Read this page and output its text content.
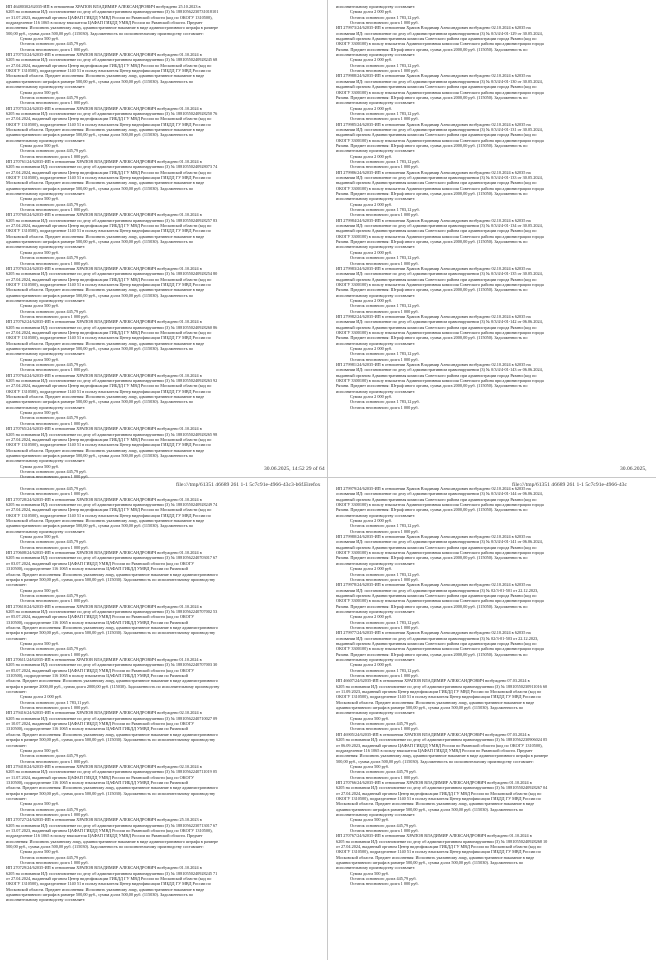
ИП 46480302/62035-ИП в отношении ХРАПОВ ВЛАДИМИР АЛЕКСАНДРОВИЧ возбуждено 25.10.2023 в
6205 на основании ИД: постановление по делу об административном правонарушении (3) № 18810562230731018101
от 31.07.2023, выданный органом ЦАФАП ГИБДД УМВД России по Рязанской области (код по ОКОГУ 1310500),
подразделение 116 1065 в пользу взыскателя ЦАФАП ГИБДД УМВД России по Рязанской области. Предмет
исполнения: Исполнить указанному лицу, административное наказание в виде административного штрафа в размере
500,00 руб., сумма долга 500,00 руб. (115030). Задолженность по исполнительному производству составляет:
Сумма долга 500 руб.
Остаток основного долга 445,79 руб.
Остаток неосновного долга 1 000 руб.
ИП 270753/24/62035-ИП в отношении ХРАПОВ ВЛАДИМИР АЛЕКСАНДРОВИЧ возбуждено 01.10.2024 в
6205 на основании ИД: постановление по делу об административном правонарушении (3) № 18810550240928245 68
от 27.04.2024, выданный органом Центр видеофиксации ГИБДД ГУ МВД России по Московской области (код по
ОКОГУ 1310500), подразделение 1140 51 в пользу взыскателя Центр видеофиксации ГИБДД ГУ МВД России по
Московской области. Предмет исполнения: Исполнить указанному лицу, административное наказание в виде
административного штрафа в размере 500,00 руб., сумма долга 500,00 руб. (115030). Задолженность по
исполнительному производству составляет:
Сумма долга 500 руб.
Остаток основного долга 445,79 руб.
Остаток неосновного долга 1 000 руб.
ИП 270753/24/62035-ИП в отношении ХРАПОВ ВЛАДИМИР АЛЕКСАНДРОВИЧ возбуждено 01.10.2024 в
6205 на основании ИД: постановление по делу об административном правонарушении (3) № 18810550240928250 76
от 27.04.2024, выданный органом Центр видеофиксации ГИБДД ГУ МВД России по Московской области (код по
ОКОГУ 1310500), подразделение 1140 51 в пользу взыскателя Центр видеофиксации ГИБДД ГУ МВД России по
Московской области. Предмет исполнения: Исполнить указанному лицу, административное наказание в виде
административного штрафа в размере 500,00 руб., сумма долга 500,00 руб. (115030). Задолженность по
исполнительному производству составляет:
Сумма долга 500 руб.
Остаток основного долга 445,79 руб.
Остаток неосновного долга 1 000 руб.
ИП 270761/24/62035-ИП в отношении ХРАПОВ ВЛАДИМИР АЛЕКСАНДРОВИЧ возбуждено 01.10.2024 в
6205 на основании ИД: постановление по делу об административном правонарушении (3) № 18810550240928073 74
от 27.04.2024, выданный органом Центр видеофиксации ГИБДД ГУ МВД России по Московской области (код по
ОКОГУ 1310500), подразделение 1140 51 в пользу взыскателя Центр видеофиксации ГИБДД ГУ МВД России по
Московской области. Предмет исполнения: Исполнить указанному лицу, административное наказание в виде
административного штрафа в размере 500,00 руб., сумма долга 500,00 руб. (115030). Задолженность по
исполнительному производству составляет:
Сумма долга 500 руб.
Остаток основного долга 445,79 руб.
Остаток неосновного долга 1 000 руб.
ИП 270760/24/62035-ИП в отношении ХРАПОВ ВЛАДИМИР АЛЕКСАНДРОВИЧ возбуждено 01.10.2024 в
6205 на основании ИД: постановление по делу об административном правонарушении (3) № 18810550240928257 83
от 27.04.2024, выданный органом Центр видеофиксации ГИБДД ГУ МВД России по Московской области (код по
ОКОГУ 1310500), подразделение 1140 51 в пользу взыскателя Центр видеофиксации ГИБДД ГУ МВД России по
Московской области. Предмет исполнения: Исполнить указанному лицу, административное наказание в виде
административного штрафа в размере 500,00 руб., сумма долга 500,00 руб. (115030). Задолженность по
исполнительному производству составляет:
Сумма долга 500 руб.
Остаток основного долга 445,79 руб.
Остаток неосновного долга 1 000 руб.
ИП 270763/24/62035-ИП в отношении ХРАПОВ ВЛАДИМИР АЛЕКСАНДРОВИЧ возбуждено 01.10.2024 в
6205 на основании ИД: постановление по делу об административном правонарушении (3) № 18810550240928254 80
от 27.04.2024, выданный органом Центр видеофиксации ГИБДД ГУ МВД России по Московской области (код по
ОКОГУ 1310500), подразделение 1140 51 в пользу взыскателя Центр видеофиксации ГИБДД ГУ МВД России по
Московской области. Предмет исполнения: Исполнить указанному лицу, административное наказание в виде
административного штрафа в размере 500,00 руб., сумма долга 500,00 руб. (115030). Задолженность по
исполнительному производству составляет:
Сумма долга 500 руб.
Остаток основного долга 445,79 руб.
Остаток неосновного долга 1 000 руб.
ИП 270762/24/62035-ИП в отношении ХРАПОВ ВЛАДИМИР АЛЕКСАНДРОВИЧ возбуждено 01.10.2024 в
6205 на основании ИД: постановление по делу об административном правонарушении (3) № 18810550240928260 86
от 27.04.2024, выданный органом Центр видеофиксации ГИБДД ГУ МВД России по Московской области (код по
ОКОГУ 1310500), подразделение 1140 51 в пользу взыскателя Центр видеофиксации ГИБДД ГУ МВД России по
Московской области. Предмет исполнения: Исполнить указанному лицу, административное наказание в виде
административного штрафа в размере 500,00 руб., сумма долга 500,00 руб. (115030). Задолженность по
исполнительному производству составляет:
Сумма долга 500 руб.
Остаток основного долга 445,79 руб.
Остаток неосновного долга 1 000 руб.
ИП 270764/24/62035-ИП в отношении ХРАПОВ ВЛАДИМИР АЛЕКСАНДРОВИЧ возбуждено 01.10.2024 в
6205 на основании ИД: постановление по делу об административном правонарушении (3) № 18810550240928263 92
от 27.04.2024, выданный органом Центр видеофиксации ГИБДД ГУ МВД России по Московской области (код по
ОКОГУ 1310500), подразделение 1140 51 в пользу взыскателя Центр видеофиксации ГИБДД ГУ МВД России по
Московской области. Предмет исполнения: Исполнить указанному лицу, административное наказание в виде
административного штрафа в размере 500,00 руб., сумма долга 500,00 руб. (115030). Задолженность по
исполнительному производству составляет:
Сумма долга 500 руб.
Остаток основного долга 445,79 руб.
Остаток неосновного долга 1 000 руб.
ИП 270765/24/62035-ИП в отношении ХРАПОВ ВЛАДИМИР АЛЕКСАНДРОВИЧ возбуждено 01.10.2024 в
6205 на основании ИД: постановление по делу об административном правонарушении (3) № 18810550240928265 98
от 27.04.2024, выданный органом Центр видеофиксации ГИБДД ГУ МВД России по Московской области (код по
ОКОГУ 1310500), подразделение 1140 51 в пользу взыскателя Центр видеофиксации ГИБДД ГУ МВД России по
Московской области. Предмет исполнения: Исполнить указанному лицу, административное наказание в виде
административного штрафа в размере 500,00 руб., сумма долга 500,00 руб. (115030). Задолженность по
исполнительному производству составляет:
Сумма долга 500 руб.
Остаток основного долга 445,79 руб.
Остаток неосновного долга 1 000 руб.
исполнительному производству составляет:
Сумма долга 2 000 руб.
Остаток основного долга 1 783,12 руб.
Остаток неосновного долга 1 000 руб.
ИП 279973/24/62035-ИП в отношении Храпов Владимир Александрович возбуждено 02.10.2024 в 62035 на
основании ИД: постановление по делу об административном правонарушении (3) № 0/3/4/4-01-129 от 30.05.2024,
выданный органом Административная комиссия Советского района при администрации города Рязани (код по
ОКОГУ 3300100) в пользу взыскателя Административная комиссия Советского района при администрации города
Рязани. Предмет исполнения: Штраф иного органа, сумма долга 2000,00 руб. (115050). Задолженность по
исполнительному производству составляет:
Сумма долга 2 000 руб.
Остаток основного долга 1 783,12 руб.
Остаток неосновного долга 1 000 руб.
ИП 279988/24/62035-ИП в отношении Храпов Владимир Александрович возбуждено 02.10.2024 в 62035 на
основании ИД: постановление по делу об административном правонарушении (3) № 0/3/4/4-01-130 от 30.05.2024,
выданный органом Административная комиссия Советского района при администрации города Рязани (код по
ОКОГУ 3300100) в пользу взыскателя Административная комиссия Советского района при администрации города
Рязани. Предмет исполнения: Штраф иного органа, сумма долга 2000,00 руб. (115050). Задолженность по
исполнительному производству составляет:
Сумма долга 2 000 руб.
Остаток основного долга 1 783,12 руб.
Остаток неосновного долга 1 000 руб.
ИП 279985/24/62035-ИП в отношении Храпов Владимир Александрович возбуждено 02.10.2024 в 62035 на
основании ИД: постановление по делу об административном правонарушении (3) № 0/3/4/4-01-131 от 30.05.2024,
выданный органом Административная комиссия Советского района при администрации города Рязани (код по
ОКОГУ 3300100) в пользу взыскателя Административная комиссия Советского района при администрации города
Рязани. Предмет исполнения: Штраф иного органа, сумма долга 2000,00 руб. (115050). Задолженность по
исполнительному производству составляет:
Сумма долга 2 000 руб.
Остаток основного долга 1 783,12 руб.
Остаток неосновного долга 1 000 руб.
ИП 279986/24/62035-ИП в отношении Храпов Владимир Александрович возбуждено 02.10.2024 в 62035 на
основании ИД: постановление по делу об административном правонарушении (3) № 0/3/4/4-01-133 от 30.05.2024,
выданный органом Административная комиссия Советского района при администрации города Рязани (код по
ОКОГУ 3300100) в пользу взыскателя Административная комиссия Советского района при администрации города
Рязани. Предмет исполнения: Штраф иного органа, сумма долга 2000,00 руб. (115050). Задолженность по
исполнительному производству составляет:
Сумма долга 2 000 руб.
Остаток основного долга 1 783,12 руб.
Остаток неосновного долга 1 000 руб.
ИП 279984/24/62035-ИП в отношении Храпов Владимир Александрович возбуждено 02.10.2024 в 62035 на
основании ИД: постановление по делу об административном правонарушении (3) № 0/3/4/4-01-134 от 30.05.2024,
выданный органом Административная комиссия Советского района при администрации города Рязани (код по
ОКОГУ 3300100) в пользу взыскателя Административная комиссия Советского района при администрации города
Рязани. Предмет исполнения: Штраф иного органа, сумма долга 2000,00 руб. (115050). Задолженность по
исполнительному производству составляет:
Сумма долга 2 000 руб.
Остаток основного долга 1 783,12 руб.
Остаток неосновного долга 1 000 руб.
ИП 279983/24/62035-ИП в отношении Храпов Владимир Александрович возбуждено 02.10.2024 в 62035 на
основании ИД: постановление по делу об административном правонарушении (3) № 0/3/4/4-01-135 от 30.05.2024,
выданный органом Административная комиссия Советского района при администрации города Рязани (код по
ОКОГУ 3300100) в пользу взыскателя Административная комиссия Советского района при администрации города
Рязани. Предмет исполнения: Штраф иного органа, сумма долга 2000,00 руб. (115050). Задолженность по
исполнительному производству составляет:
Сумма долга 2 000 руб.
Остаток основного долга 1 783,12 руб.
Остаток неосновного долга 1 000 руб.
ИП 279982/24/62035-ИП в отношении Храпов Владимир Александрович возбуждено 02.10.2024 в 62035 на
основании ИД: постановление по делу об административном правонарушении (3) № 0/3/4/4-01-142 от 06.06.2024,
выданный органом Административная комиссия Советского района при администрации города Рязани (код по
ОКОГУ 3300100) в пользу взыскателя Административная комиссия Советского района при администрации города
Рязани. Предмет исполнения: Штраф иного органа, сумма долга 2000,00 руб. (115050). Задолженность по
исполнительному производству составляет:
Сумма долга 2 000 руб.
Остаток основного долга 1 783,12 руб.
Остаток неосновного долга 1 000 руб.
ИП 279981/24/62035-ИП в отношении Храпов Владимир Александрович возбуждено 02.10.2024 в 62035 на
основании ИД: постановление по делу об административном правонарушении (3) № 0/3/4/4-01-143 от 06.06.2024,
выданный органом Административная комиссия Советского района при администрации города Рязани (код по
ОКОГУ 3300100) в пользу взыскателя Административная комиссия Советского района при администрации города
Рязани. Предмет исполнения: Штраф иного органа, сумма долга 2000,00 руб. (115050). Задолженность по
исполнительному производству составляет:
Сумма долга 2 000 руб.
Остаток основного долга 1 783,12 руб.
Остаток неосновного долга 1 000 руб.
Остаток основного долга 445,79 руб.
Остаток неосновного долга 1 000 руб.
ИП 270728/24/62035-ИП в отношении ХРАПОВ ВЛАДИМИР АЛЕКСАНДРОВИЧ возбуждено 01.10.2024 в
6205 на основании ИД: постановление по делу об административном правонарушении (3) № 18810550240928249 74
от 27.04.2024, выданный органом Центр видеофиксации ГИБДД ГУ МВД России по Московской области (код по
ОКОГУ 1310500), подразделение 1140 51 в пользу взыскателя Центр видеофиксации ГИБДД ГУ МВД России по
Московской области. Предмет исполнения: Исполнить указанному лицу, административное наказание в виде
административного штрафа в размере 500,00 руб., сумма долга 500,00 руб. (115030). Задолженность по
исполнительному производству составляет:
Сумма долга 500 руб.
Остаток основного долга 445,79 руб.
Остаток неосновного долга 1 000 руб.
ИП 270608/24/62035-ИП в отношении ХРАПОВ ВЛАДИМИР АЛЕКСАНДРОВИЧ возбуждено 01.10.2024 в
6205 на основании ИД: постановление по делу об административном правонарушении (3) № 18810562240703017 67
от 03.07.2024, выданный органом ЦАФАП ГИБДД УМВД России по Рязанской области (код по ОКОГУ
1310500), подразделение 116 1065 в пользу взыскателя ЦАФАП ГИБДД УМВД России по Рязанской
области. Предмет исполнения: Исполнить указанному лицу, административное наказание в виде административного
штрафа в размере 500,00 руб., сумма долга 500,00 руб. (115030). Задолженность по исполнительному производству
составляет:
Сумма долга 500 руб.
Остаток основного долга 445,79 руб.
Остаток неосновного долга 1 000 руб.
ИП 270610/24/62035-ИП в отношении ХРАПОВ ВЛАДИМИР АЛЕКСАНДРОВИЧ возбуждено 01.10.2024 в
6205 на основании ИД: постановление по делу об административном правонарушении (3) № 18810562240707002 53
от 05.07.2024, выданный органом ЦАФАП ГИБДД УМВД России по Рязанской области (код по ОКОГУ
1310500), подразделение 116 1065 в пользу взыскателя ЦАФАП ГИБДД УМВД России по Рязанской
области. Предмет исполнения: Исполнить указанному лицу, административное наказание в виде административного
штрафа в размере 500,00 руб., сумма долга 500,00 руб. (115030). Задолженность по исполнительному производству
составляет:
Сумма долга 500 руб.
Остаток основного долга 445,79 руб.
Остаток неосновного долга 1 000 руб.
ИП 270611/24/62035-ИП в отношении ХРАПОВ ВЛАДИМИР АЛЕКСАНДРОВИЧ возбуждено 01.10.2024 в
6205 на основании ИД: постановление по делу об административном правонарушении (3) № 18810562240707003 30
от 05.07.2024, выданный органом ЦАФАП ГИБДД УМВД России по Рязанской области (код по ОКОГУ
1310500), подразделение 116 1065 в пользу взыскателя ЦАФАП ГИБДД УМВД России по Рязанской
области. Предмет исполнения: Исполнить указанному лицу, административное наказание в виде административного
штрафа в размере 2000,00 руб., сумма долга 2000,00 руб. (115030). Задолженность по исполнительному производству
составляет:
Сумма долга 2 000 руб.
Остаток основного долга 1 783,11 руб.
Остаток неосновного долга 1 000 руб.
ИП 279416/24/62035-ИП в отношении ХРАПОВ ВЛАДИМИР АЛЕКСАНДРОВИЧ возбуждено 02.10.2024 в
6205 на основании ИД: постановление по делу об административном правонарушении (3) № 18810562240710027 09
от 10.07.2024, выданный органом ЦАФАП ГИБДД УМВД России по Рязанской области (код по ОКОГУ
1310500), подразделение 116 1065 в пользу взыскателя ЦАФАП ГИБДД УМВД России по Рязанской
области. Предмет исполнения: Исполнить указанному лицу, административное наказание в виде административного
штрафа в размере 500,00 руб., сумма долга 500,00 руб. (115030). Задолженность по исполнительному производству
составляет:
Сумма долга 500 руб.
Остаток основного долга 445,79 руб.
Остаток неосновного долга 1 000 руб.
ИП 279418/24/62035-ИП в отношении ХРАПОВ ВЛАДИМИР АЛЕКСАНДРОВИЧ возбуждено 02.10.2024 в
6205 на основании ИД: постановление по делу об административном правонарушении (3) № 18810562240711019 05
от 11.07.2024, выданный органом ЦАФАП ГИБДД УМВД России по Рязанской области (код по ОКОГУ
1310500), подразделение 116 1065 в пользу взыскателя ЦАФАП ГИБДД УМВД России по Рязанской
области. Предмет исполнения: Исполнить указанному лицу, административное наказание в виде административного
штрафа в размере 500,00 руб., сумма долга 500,00 руб. (115030). Задолженность по исполнительному производству
составляет:
Сумма долга 500 руб.
Остаток основного долга 445,79 руб.
Остаток неосновного долга 1 000 руб.
ИП 270727/24/62035-ИП в отношении ХРАПОВ ВЛАДИМИР АЛЕКСАНДРОВИЧ возбуждено 25.10.2023 в
6205 на основании ИД: постановление по делу об административном правонарушении (3) № 18810562230713017 67
от 13.07.2023, выданный органом ЦАФАП ГИБДД УМВД России по Рязанской области (код по ОКОГУ 1310500),
подразделение 116 1065 в пользу взыскателя ЦАФАП ГИБДД УМВД России по Рязанской области. Предмет
исполнения: Исполнить указанному лицу, административное наказание в виде административного штрафа в размере
500,00 руб., сумма долга 500,00 руб. (115030). Задолженность по исполнительному производству составляет:
Сумма долга 500 руб.
Остаток основного долга 445,79 руб.
Остаток неосновного долга 1 000 руб.
ИП 270729/24/62035-ИП в отношении ХРАПОВ ВЛАДИМИР АЛЕКСАНДРОВИЧ возбуждено 01.10.2024 в
6205 на основании ИД: постановление по делу об административном правонарушении (3) № 18810550240928245 71
от 27.04.2024, выданный органом Центр видеофиксации ГИБДД ГУ МВД России по Московской области (код по
ОКОГУ 1310500), подразделение 1140 51 в пользу взыскателя Центр видеофиксации ГИБДД ГУ МВД России по
Московской области. Предмет исполнения: Исполнить указанному лицу, административное наказание в виде
административного штрафа в размере 500,00 руб., сумма долга 500,00 руб. (115030). Задолженность по
исполнительному производству составляет:
ИП 279979/24/62035-ИП в отношении Храпов Владимир Александрович возбуждено 02.10.2024 в 62035 на
основании ИД: постановление по делу об административном правонарушении (3) № 0/3/4/4-01-144 от 06.06.2024,
выданный органом Административная комиссия Советского района при администрации города Рязани (код по
ОКОГУ 3300100) в пользу взыскателя Административная комиссия Советского района при администрации города
Рязани. Предмет исполнения: Штраф иного органа, сумма долга 2000,00 руб. (115050). Задолженность по
исполнительному производству составляет:
Сумма долга 2 000 руб.
Остаток основного долга 1 783,12 руб.
Остаток неосновного долга 1 000 руб.
ИП 279980/24/62035-ИП в отношении Храпов Владимир Александрович возбуждено 02.10.2024 в 62035 на
основании ИД: постановление по делу об административном правонарушении (3) № 0/3/4/4-01-141 от 06.06.2024,
выданный органом Административная комиссия Советского района при администрации города Рязани (код по
ОКОГУ 3300100) в пользу взыскателя Административная комиссия Советского района при администрации города
Рязани. Предмет исполнения: Штраф иного органа, сумма долга 2000,00 руб. (115050). Задолженность по
исполнительному производству составляет:
Сумма долга 2 000 руб.
Остаток основного долга 1 783,12 руб.
Остаток неосновного долга 1 000 руб.
ИП 279978/24/62035-ИП в отношении Храпов Владимир Александрович возбуждено 02.10.2024 в 62035 на
основании ИД: постановление по делу об административном правонарушении (3) № 02/3-01-501 от 22.12.2023,
выданный органом Административная комиссия Советского района при администрации города Рязани (код по
ОКОГУ 3300100) в пользу взыскателя Административная комиссия Советского района при администрации города
Рязани. Предмет исполнения: Штраф иного органа, сумма долга 2000,00 руб. (115050). Задолженность по
исполнительному производству составляет:
Сумма долга 2 000 руб.
Остаток основного долга 1 783,12 руб.
Остаток неосновного долга 1 000 руб.
ИП 279977/24/62035-ИП в отношении Храпов Владимир Александрович возбуждено 02.10.2024 в 62035 на
основании ИД: постановление по делу об административном правонарушении (3) № 02/3-01-503 от 22.12.2023,
выданный органом Административная комиссия Советского района при администрации города Рязани (код по
ОКОГУ 3300100) в пользу взыскателя Административная комиссия Советского района при администрации города
Рязани. Предмет исполнения: Штраф иного органа, сумма долга 2000,00 руб. (115050). Задолженность по
исполнительному производству составляет:
Сумма долга 2 000 руб.
Остаток основного долга 1 783,12 руб.
Остаток неосновного долга 1 000 руб.
ИП 46607/24/62035-ИП в отношении ХРАПОВ ВЛАДИМИР АЛЕКСАНДРОВИЧ возбуждено 07.03.2024 в
6205 на основании ИД: постановление по делу об административном правонарушении (3) № 18810550230911016 60
от 11.09.2023, выданный органом Центр видеофиксации ГИБДД ГУ МВД России по Московской области (код по
ОКОГУ 1310500), подразделение 1140 51 в пользу взыскателя Центр видеофиксации ГИБДД ГУ МВД России по
Московской области. Предмет исполнения: Исполнить указанному лицу, административное наказание в виде
административного штрафа в размере 500,00 руб., сумма долга 500,00 руб. (115030). Задолженность по
исполнительному производству составляет:
Сумма долга 500 руб.
Остаток основного долга 445,79 руб.
Остаток неосновного долга 1 000 руб.
ИП 46905/24/62035-ИП в отношении ХРАПОВ ВЛАДИМИР АЛЕКСАНДРОВИЧ возбуждено 07.03.2024 в
6205 на основании ИД: постановление по делу об административном правонарушении (3) № 18810562230906024 05
от 06.09.2023, выданный органом ЦАФАП ГИБДД УМВД России по Рязанской области (код по ОКОГУ 1310500),
подразделение 116 1065 в пользу взыскателя ЦАФАП ГИБДД УМВД России по Рязанской области. Предмет
исполнения: Исполнить указанному лицу, административное наказание в виде административного штрафа в размере
500,00 руб., сумма долга 500,00 руб. (115030). Задолженность по исполнительному производству составляет:
Сумма долга 500 руб.
Остаток основного долга 445,79 руб.
Остаток неосновного долга 1 000 руб.
ИП 270766/24/62035-ИП в отношении ХРАПОВ ВЛАДИМИР АЛЕКСАНДРОВИЧ возбуждено 01.10.2024 в
6205 на основании ИД: постановление по делу об административном правонарушении (3) № 18810550240928267 04
от 27.04.2024, выданный органом Центр видеофиксации ГИБДД ГУ МВД России по Московской области (код по
ОКОГУ 1310500), подразделение 1140 51 в пользу взыскателя Центр видеофиксации ГИБДД ГУ МВД России по
Московской области. Предмет исполнения: Исполнить указанному лицу, административное наказание в виде
административного штрафа в размере 500,00 руб., сумма долга 500,00 руб. (115030). Задолженность по
исполнительному производству составляет:
Сумма долга 500 руб.
Остаток основного долга 445,79 руб.
Остаток неосновного долга 1 000 руб.
ИП 270767/24/62035-ИП в отношении ХРАПОВ ВЛАДИМИР АЛЕКСАНДРОВИЧ возбуждено 01.10.2024 в
6205 на основании ИД: постановление по делу об административном правонарушении (3) № 18810550240928268 10
от 27.04.2024, выданный органом Центр видеофиксации ГИБДД ГУ МВД России по Московской области (код по
ОКОГУ 1310500), подразделение 1140 51 в пользу взыскателя Центр видеофиксации ГИБДД ГУ МВД России по
Московской области. Предмет исполнения: Исполнить указанному лицу, административное наказание в виде
административного штрафа в размере 500,00 руб., сумма долга 500,00 руб. (115030). Задолженность по
исполнительному производству составляет:
Сумма долга 500 руб.
Остаток основного долга 445,79 руб.
Остаток неосновного долга 1 000 руб.
30.06.2025, 14:52 29 of 64	30.06.2025,
file:///tmp/61351 46689 261 1-1 5c7c91e-4966-43c3-b6f...
Firefox	file:///tmp/61351 46689 261 1-1 5c7c91e-4966-43c
